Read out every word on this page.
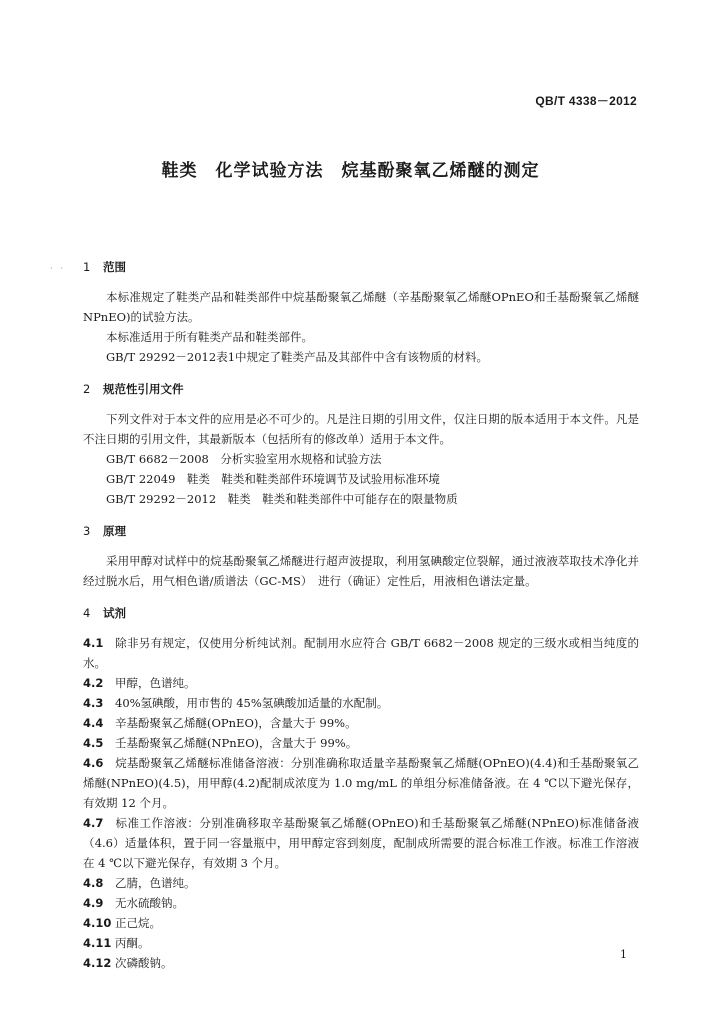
QB/T 4338－2012
鞋类　化学试验方法　烷基酚聚氧乙烯醚的测定
·　· 1 范围

本标准规定了鞋类产品和鞋类部件中烷基酚聚氧乙烯醚（辛基酚聚氧乙烯醚OPnEO和壬基酚聚氧乙烯醚NPnEO)的试验方法。

本标准适用于所有鞋类产品和鞋类部件。

GB/T 29292－2012表1中规定了鞋类产品及其部件中含有该物质的材料。

2 规范性引用文件

下列文件对于本文件的应用是必不可少的。凡是注日期的引用文件，仅注日期的版本适用于本文件。凡是不注日期的引用文件，其最新版本（包括所有的修改单）适用于本文件。

GB/T 6682－2008　分析实验室用水规格和试验方法

GB/T 22049　鞋类　鞋类和鞋类部件环境调节及试验用标准环境

GB/T 29292－2012　鞋类　鞋类和鞋类部件中可能存在的限量物质

3 原理

采用甲醇对试样中的烷基酚聚氧乙烯醚进行超声波提取，利用氢碘酸定位裂解，通过液液萃取技术净化并经过脱水后，用气相色谱/质谱法（GC-MS）　进行（确证）定性后，用液相色谱法定量。

4 试剂
4.1 除非另有规定，仅使用分析纯试剂。配制用水应符合 GB/T 6682－2008 规定的三级水或相当纯度的水。
4.2 甲醇，色谱纯。
4.3 40%氢碘酸，用市售的 45%氢碘酸加适量的水配制。
4.4 辛基酚聚氧乙烯醚(OPnEO)，含量大于 99%。
4.5 壬基酚聚氧乙烯醚(NPnEO)，含量大于 99%。
4.6 烷基酚聚氧乙烯醚标准储备溶液：分别准确称取适量辛基酚聚氧乙烯醚(OPnEO)(4.4)和壬基酚聚氧乙烯醚(NPnEO)(4.5)，用甲醇(4.2)配制成浓度为 1.0 mg/mL 的单组分标准储备液。在 4 ℃以下避光保存，有效期 12 个月。
4.7 标准工作溶液：分别准确移取辛基酚聚氧乙烯醚(OPnEO)和壬基酚聚氧乙烯醚(NPnEO)标准储备液（4.6）适量体积，置于同一容量瓶中，用甲醇定容到刻度，配制成所需要的混合标准工作液。标准工作溶液在 4 ℃以下避光保存，有效期 3 个月。
4.8 乙腈，色谱纯。
4.9 无水硫酸钠。
4.10 正己烷。
4.11 丙酮。
4.12 次磷酸钠。
1
